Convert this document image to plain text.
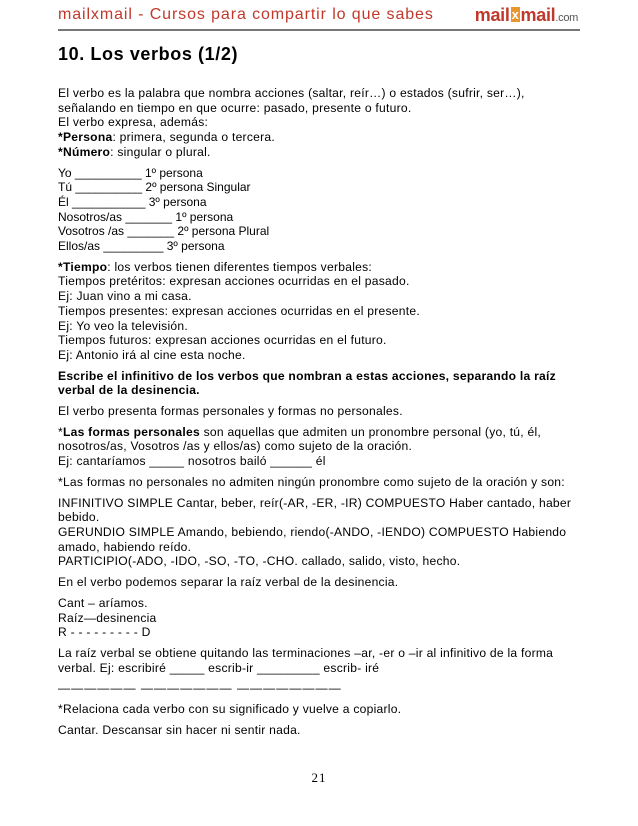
mailxmail - Cursos para compartir lo que sabes mail x mail.com
10. Los verbos (1/2)

El verbo es la palabra que nombra acciones (saltar, reír…) o estados (sufrir, ser…), señalando en tiempo en que ocurre: pasado, presente o futuro.
El verbo expresa, además:
*Persona: primera, segunda o tercera.
*Número: singular o plural.

Yo __________ 1º persona
Tú __________ 2º persona Singular
Él ___________ 3º persona
Nosotros/as _______ 1º persona
Vosotros /as _______ 2º persona Plural
Ellos/as _________ 3º persona

*Tiempo: los verbos tienen diferentes tiempos verbales:
Tiempos pretéritos: expresan acciones ocurridas en el pasado.
Ej: Juan vino a mi casa.
Tiempos presentes: expresan acciones ocurridas en el presente.
Ej: Yo veo la televisión.
Tiempos futuros: expresan acciones ocurridas en el futuro.
Ej: Antonio irá al cine esta noche.

Escribe el infinitivo de los verbos que nombran a estas acciones, separando la raíz verbal de la desinencia.

El verbo presenta formas personales y formas no personales.

*Las formas personales son aquellas que admiten un pronombre personal (yo, tú, él, nosotros/as, Vosotros /as y ellos/as) como sujeto de la oración.
Ej: cantaríamos _____ nosotros bailó ______ él

*Las formas no personales no admiten ningún pronombre como sujeto de la oración y son:

INFINITIVO SIMPLE Cantar, beber, reír(-AR, -ER, -IR) COMPUESTO Haber cantado, haber bebido.
GERUNDIO SIMPLE Amando, bebiendo, riendo(-ANDO, -IENDO) COMPUESTO Habiendo amado, habiendo reído.
PARTICIPIO(-ADO, -IDO, -SO, -TO, -CHO. callado, salido, visto, hecho.

En el verbo podemos separar la raíz verbal de la desinencia.

Cant – aríamos.
Raíz—desinencia
R - - - - - - - - - D

La raíz verbal se obtiene quitando las terminaciones –ar, -er o –ir al infinitivo de la forma verbal. Ej: escribiré _____ escrib-ir _________ escrib- iré

—————— ——————— ————————

*Relaciona cada verbo con su significado y vuelve a copiarlo.

Cantar. Descansar sin hacer ni sentir nada.

21
